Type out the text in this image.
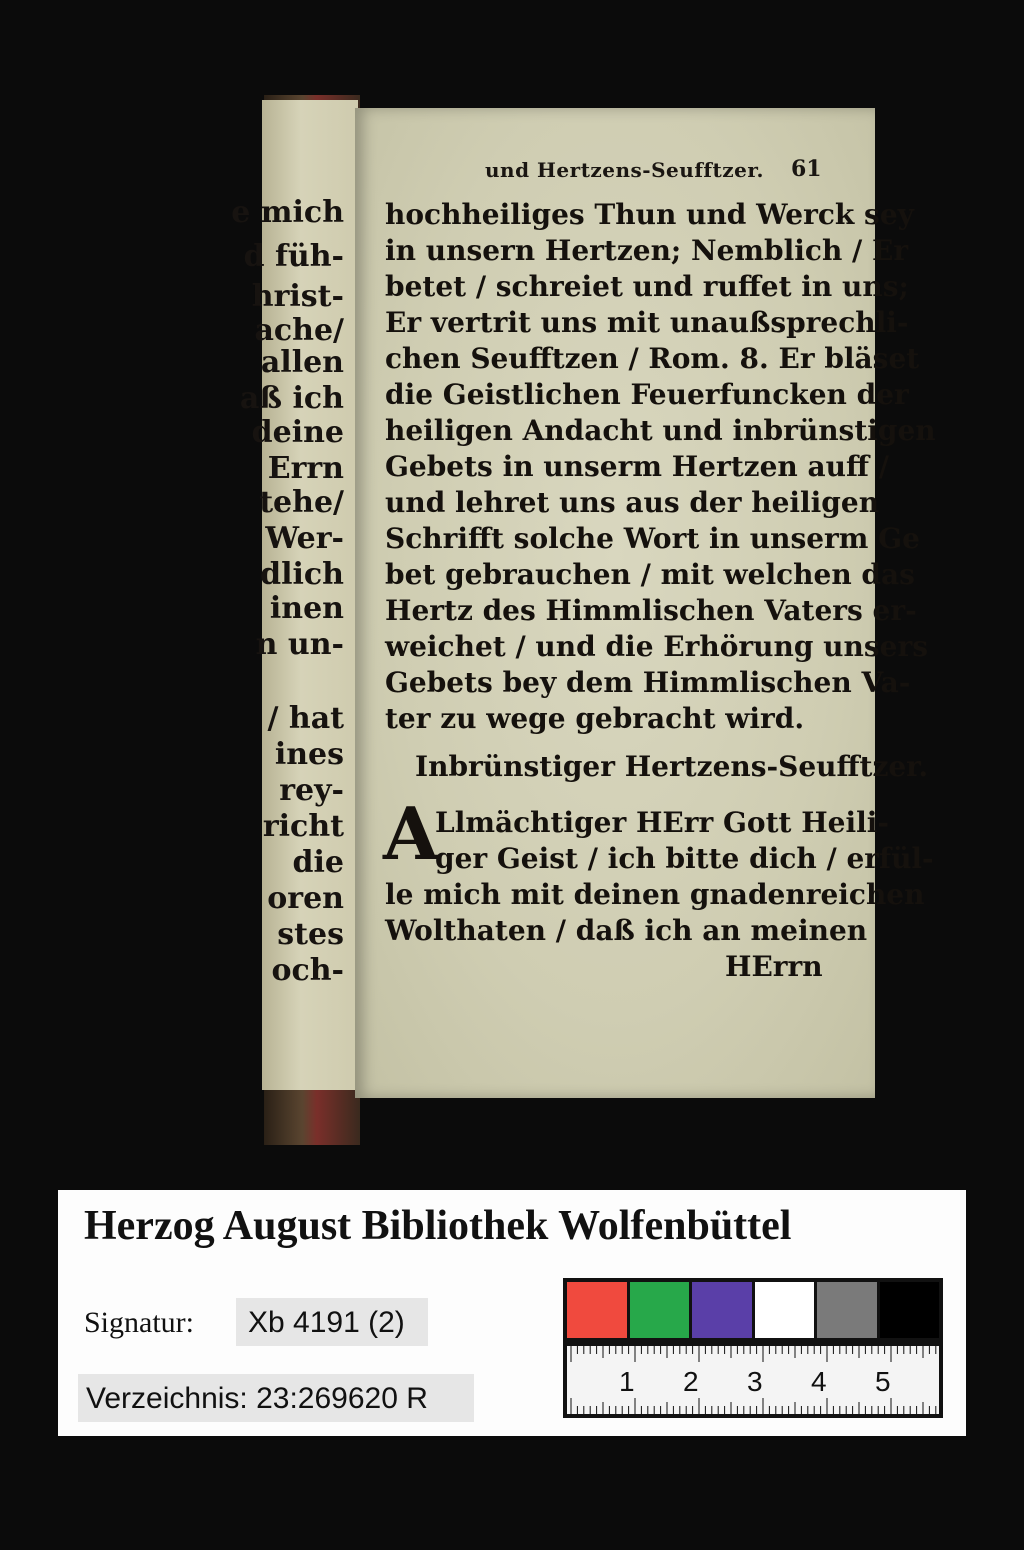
e mich
d füh-
hrist-
ache/
allen
aß ich
deine
Errn
tehe/
Wer-
dlich
inen
n un-
/ hat
ines
rey-
richt
die
oren
stes
och-
und Hertzens-Seufftzer. 61
hochheiliges Thun und Werck sey
in unsern Hertzen; Nemblich / Er
betet / schreiet und ruffet in uns;
Er vertrit uns mit unaußsprechli-
chen Seufftzen / Rom. 8. Er bläset
die Geistlichen Feuerfuncken der
heiligen Andacht und inbrünstigen
Gebets in unserm Hertzen auff /
und lehret uns aus der heiligen
Schrifft solche Wort in unserm Ge
bet gebrauchen / mit welchen das
Hertz des Himmlischen Vaters er-
weichet / und die Erhörung unsers
Gebets bey dem Himmlischen Va-
ter zu wege gebracht wird.
Inbrünstiger Hertzens-Seufftzer.
A
Llmächtiger HErr Gott Heili-
ger Geist / ich bitte dich / erfül-
le mich mit deinen gnadenreichen
Wolthaten / daß ich an meinen
HErrn
Herzog August Bibliothek Wolfenbüttel
Signatur: Xb 4191 (2)
Verzeichnis: 23:269620 R
1 2 3 4 5
